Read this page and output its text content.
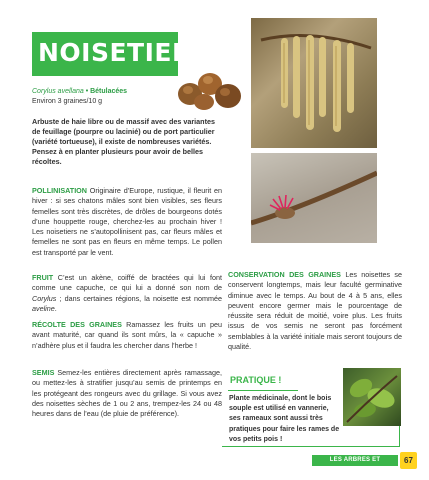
NOISETIER
Corylus avellana • Bétulacées
Environ 3 graines/10 g
Arbuste de haie libre ou de massif avec des variantes de feuillage (pourpre ou lacinié) ou de port particulier (variété tortueuse), il existe de nombreuses variétés. Pensez à en planter plusieurs pour avoir de belles récoltes.
POLLINISATION Originaire d’Europe, rustique, il fleurit en hiver : si ses chatons mâles sont bien visibles, ses fleurs femelles sont très discrètes, de drôles de bourgeons dotés d’une houppette rouge, cherchez-les au prochain hiver ! Les noisetiers ne s’autopollinisent pas, car fleurs mâles et femelles ne sont pas en fleurs en même temps. Le pollen est transporté par le vent.
FRUIT C’est un akène, coiffé de bractées qui lui font comme une capuche, ce qui lui a donné son nom de Corylus ; dans certaines régions, la noisette est nommée aveline.
RÉCOLTE DES GRAINES Ramassez les fruits un peu avant maturité, car quand ils sont mûrs, la « capuche » n’adhère plus et il faudra les chercher dans l’herbe !
SEMIS Semez-les entières directement après ramassage, ou mettez-les à stratifier jusqu’au semis de printemps en les protégeant des rongeurs avec du grillage. Si vous avez des noisettes sèches de 1 ou 2 ans, trempez-les 24 ou 48 heures dans de l’eau (de pluie de préférence).
CONSERVATION DES GRAINES Les noisettes se conservent longtemps, mais leur faculté germinative diminue avec le temps. Au bout de 4 à 5 ans, elles peuvent encore germer mais le pourcentage de réussite sera réduit de moitié, voire plus. Les fruits issus de vos semis ne seront pas forcément semblables à la variété initiale mais seront toujours de qualité.
PRATIQUE !
Plante médicinale, dont le bois souple est utilisé en vannerie, ses rameaux sont aussi très pratiques pour faire les rames de vos petits pois !
LES ARBRES ET ARBUSTES
67
